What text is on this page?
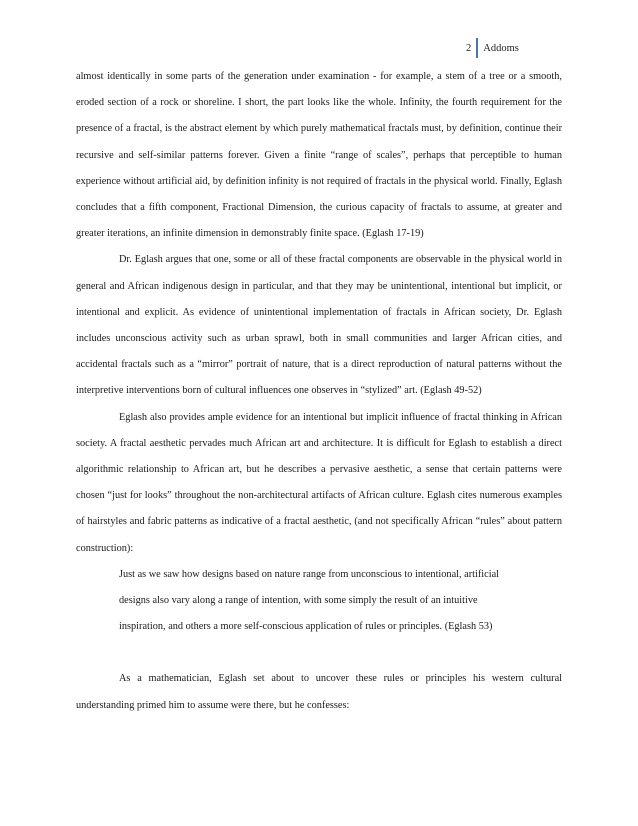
2	Addoms

almost identically in some parts of the generation under examination - for example, a stem of a tree or a smooth, eroded section of a rock or shoreline. I short, the part looks like the whole. Infinity, the fourth requirement for the presence of a fractal, is the abstract element by which purely mathematical fractals must, by definition, continue their recursive and self-similar patterns forever. Given a finite “range of scales”, perhaps that perceptible to human experience without artificial aid, by definition infinity is not required of fractals in the physical world. Finally, Eglash concludes that a fifth component, Fractional Dimension, the curious capacity of fractals to assume, at greater and greater iterations, an infinite dimension in demonstrably finite space. (Eglash 17-19)

Dr. Eglash argues that one, some or all of these fractal components are observable in the physical world in general and African indigenous design in particular, and that they may be unintentional, intentional but implicit, or intentional and explicit. As evidence of unintentional implementation of fractals in African society, Dr. Eglash includes unconscious activity such as urban sprawl, both in small communities and larger African cities, and accidental fractals such as a “mirror” portrait of nature, that is a direct reproduction of natural patterns without the interpretive interventions born of cultural influences one observes in “stylized” art. (Eglash 49-52)

Eglash also provides ample evidence for an intentional but implicit influence of fractal thinking in African society. A fractal aesthetic pervades much African art and architecture. It is difficult for Eglash to establish a direct algorithmic relationship to African art, but he describes a pervasive aesthetic, a sense that certain patterns were chosen “just for looks” throughout the non-architectural artifacts of African culture. Eglash cites numerous examples of hairstyles and fabric patterns as indicative of a fractal aesthetic, (and not specifically African “rules” about pattern construction):

Just as we saw how designs based on nature range from unconscious to intentional, artificial designs also vary along a range of intention, with some simply the result of an intuitive inspiration, and others a more self-conscious application of rules or principles. (Eglash 53)

As a mathematician, Eglash set about to uncover these rules or principles his western cultural understanding primed him to assume were there, but he confesses:
